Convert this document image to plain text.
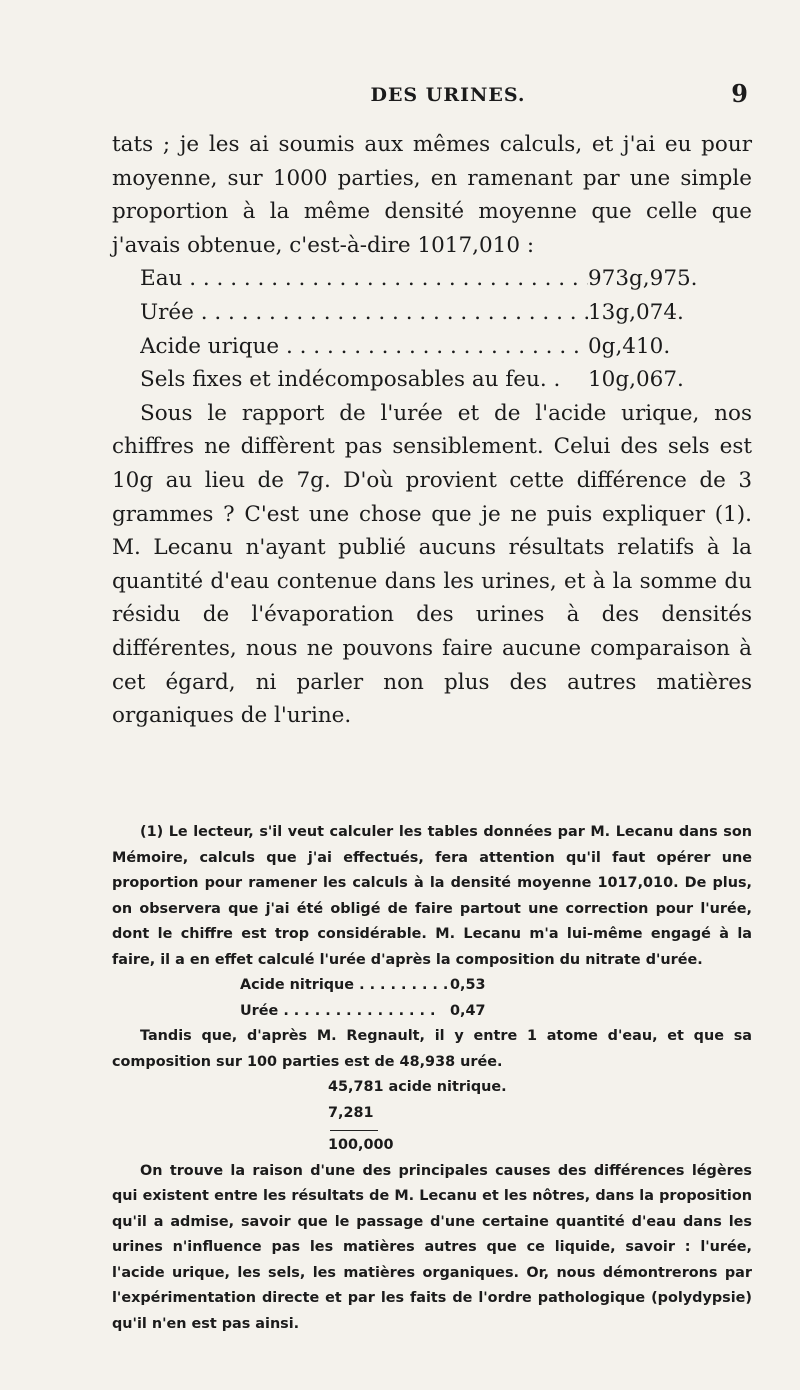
DES URINES.	9

tats ; je les ai soumis aux mêmes calculs, et j'ai eu pour moyenne, sur 1000 parties, en ramenant par une simple proportion à la même densité moyenne que celle que j'avais obtenue, c'est-à-dire 1017,010 :

Eau . . .	973g,975.
Urée . . .	13g,074.
Acide urique . . .	0g,410.
Sels fixes et indécomposables au feu. .	10g,067.

Sous le rapport de l'urée et de l'acide urique, nos chiffres ne diffèrent pas sensiblement. Celui des sels est 10g au lieu de 7g. D'où provient cette différence de 3 grammes ? C'est une chose que je ne puis expliquer (1). M. Lecanu n'ayant publié aucuns résultats relatifs à la quantité d'eau contenue dans les urines, et à la somme du résidu de l'évaporation des urines à des densités différentes, nous ne pouvons faire aucune comparaison à cet égard, ni parler non plus des autres matières organiques de l'urine.

(1) Le lecteur, s'il veut calculer les tables données par M. Lecanu dans son Mémoire, calculs que j'ai effectués, fera attention qu'il faut opérer une proportion pour ramener les calculs à la densité moyenne 1017,010. De plus, on observera que j'ai été obligé de faire partout une correction pour l'urée, dont le chiffre est trop considérable. M. Lecanu m'a lui-même engagé à la faire, il a en effet calculé l'urée d'après la composition du nitrate d'urée.

Acide nitrique . . .	0,53
Urée . . .	0,47

Tandis que, d'après M. Regnault, il y entre 1 atome d'eau, et que sa composition sur 100 parties est de 48,938 urée.

45,781 acide nitrique.
7,281
100,000

On trouve la raison d'une des principales causes des différences légères qui existent entre les résultats de M. Lecanu et les nôtres, dans la proposition qu'il a admise, savoir que le passage d'une certaine quantité d'eau dans les urines n'influence pas les matières autres que ce liquide, savoir : l'urée, l'acide urique, les sels, les matières organiques. Or, nous démontrerons par l'expérimentation directe et par les faits de l'ordre pathologique (polydypsie) qu'il n'en est pas ainsi.
